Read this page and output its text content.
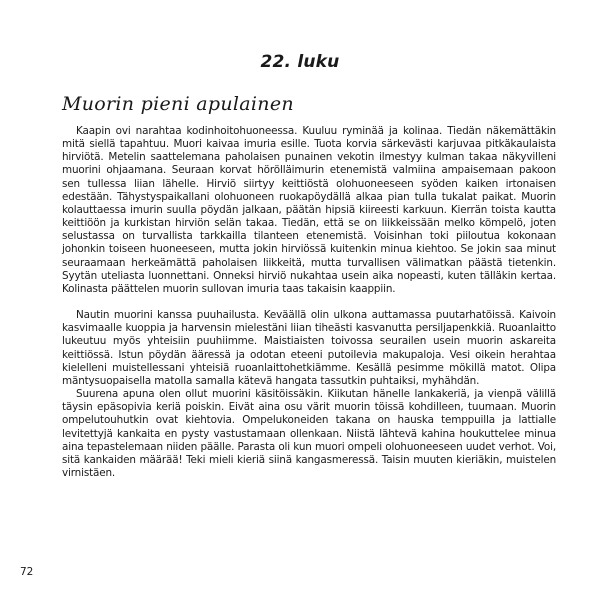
22. luku
Muorin pieni apulainen

Kaapin ovi narahtaa kodinhoitohuoneessa. Kuuluu ryminää ja kolinaa. Tiedän näkemättäkin mitä siellä tapahtuu. Muori kaivaa imuria esille. Tuota korvia särkevästi karjuvaa pitkäkaulaista hirviötä. Metelin saattelemana paholaisen punainen vekotin ilmestyy kulman takaa näkyvilleni muorini ohjaamana. Seuraan korvat hörölläimurin etenemistä valmiina ampaisemaan pakoon sen tullessa liian lähelle. Hirviö siirtyy keittiöstä olohuoneeseen syöden kaiken irtonaisen edestään. Tähystyspaikallani olohuoneen ruokapöydällä alkaa pian tulla tukalat paikat. Muorin kolauttaessa imurin suulla pöydän jalkaan, päätän hipsiä kiireesti karkuun. Kierrän toista kautta keittiöön ja kurkistan hirviön selän takaa. Tiedän, että se on liikkeissään melko kömpelö, joten selustassa on turvallista tarkkailla tilanteen etenemistä. Voisinhan toki piiloutua kokonaan johonkin toiseen huoneeseen, mutta jokin hirviössä kuitenkin minua kiehtoo. Se jokin saa minut seuraamaan herkeämättä paholaisen liikkeitä, mutta turvallisen välimatkan päästä tietenkin. Syytän uteliasta luonnettani. Onneksi hirviö nukahtaa usein aika nopeasti, kuten tälläkin kertaa. Kolinasta päättelen muorin sullovan imuria taas takaisin kaappiin.

Nautin muorini kanssa puuhailusta. Keväällä olin ulkona auttamassa puutarhatöissä. Kaivoin kasvimaalle kuoppia ja harvensin mielestäni liian tiheästi kasvanutta persiljapenkkiä. Ruoanlaitto lukeutuu myös yhteisiin puuhiimme. Maistiaisten toivossa seurailen usein muorin askareita keittiössä. Istun pöydän ääressä ja odotan eteeni putoilevia makupaloja. Vesi oikein herahtaa kielelleni muistellessani yhteisiä ruoanlaittohetkiämme. Kesällä pesimme mökillä matot. Olipa mäntysuopaisella matolla samalla kätevä hangata tassutkin puhtaiksi, myhähdän.

Suurena apuna olen ollut muorini käsitöissäkin. Kiikutan hänelle lankakeriä, ja vienpä välillä täysin epäsopivia keriä poiskin. Eivät aina osu värit muorin töissä kohdilleen, tuumaan. Muorin ompelutouhutkin ovat kiehtovia. Ompelukoneiden takana on hauska temppuilla ja lattialle levitettyjä kankaita en pysty vastustamaan ollenkaan. Niistä lähtevä kahina houkuttelee minua aina tepastelemaan niiden päälle. Parasta oli kun muori ompeli olohuoneeseen uudet verhot. Voi, sitä kankaiden määrää! Teki mieli kieriä siinä kangasmeressä. Taisin muuten kieriäkin, muistelen virnistäen.

72
